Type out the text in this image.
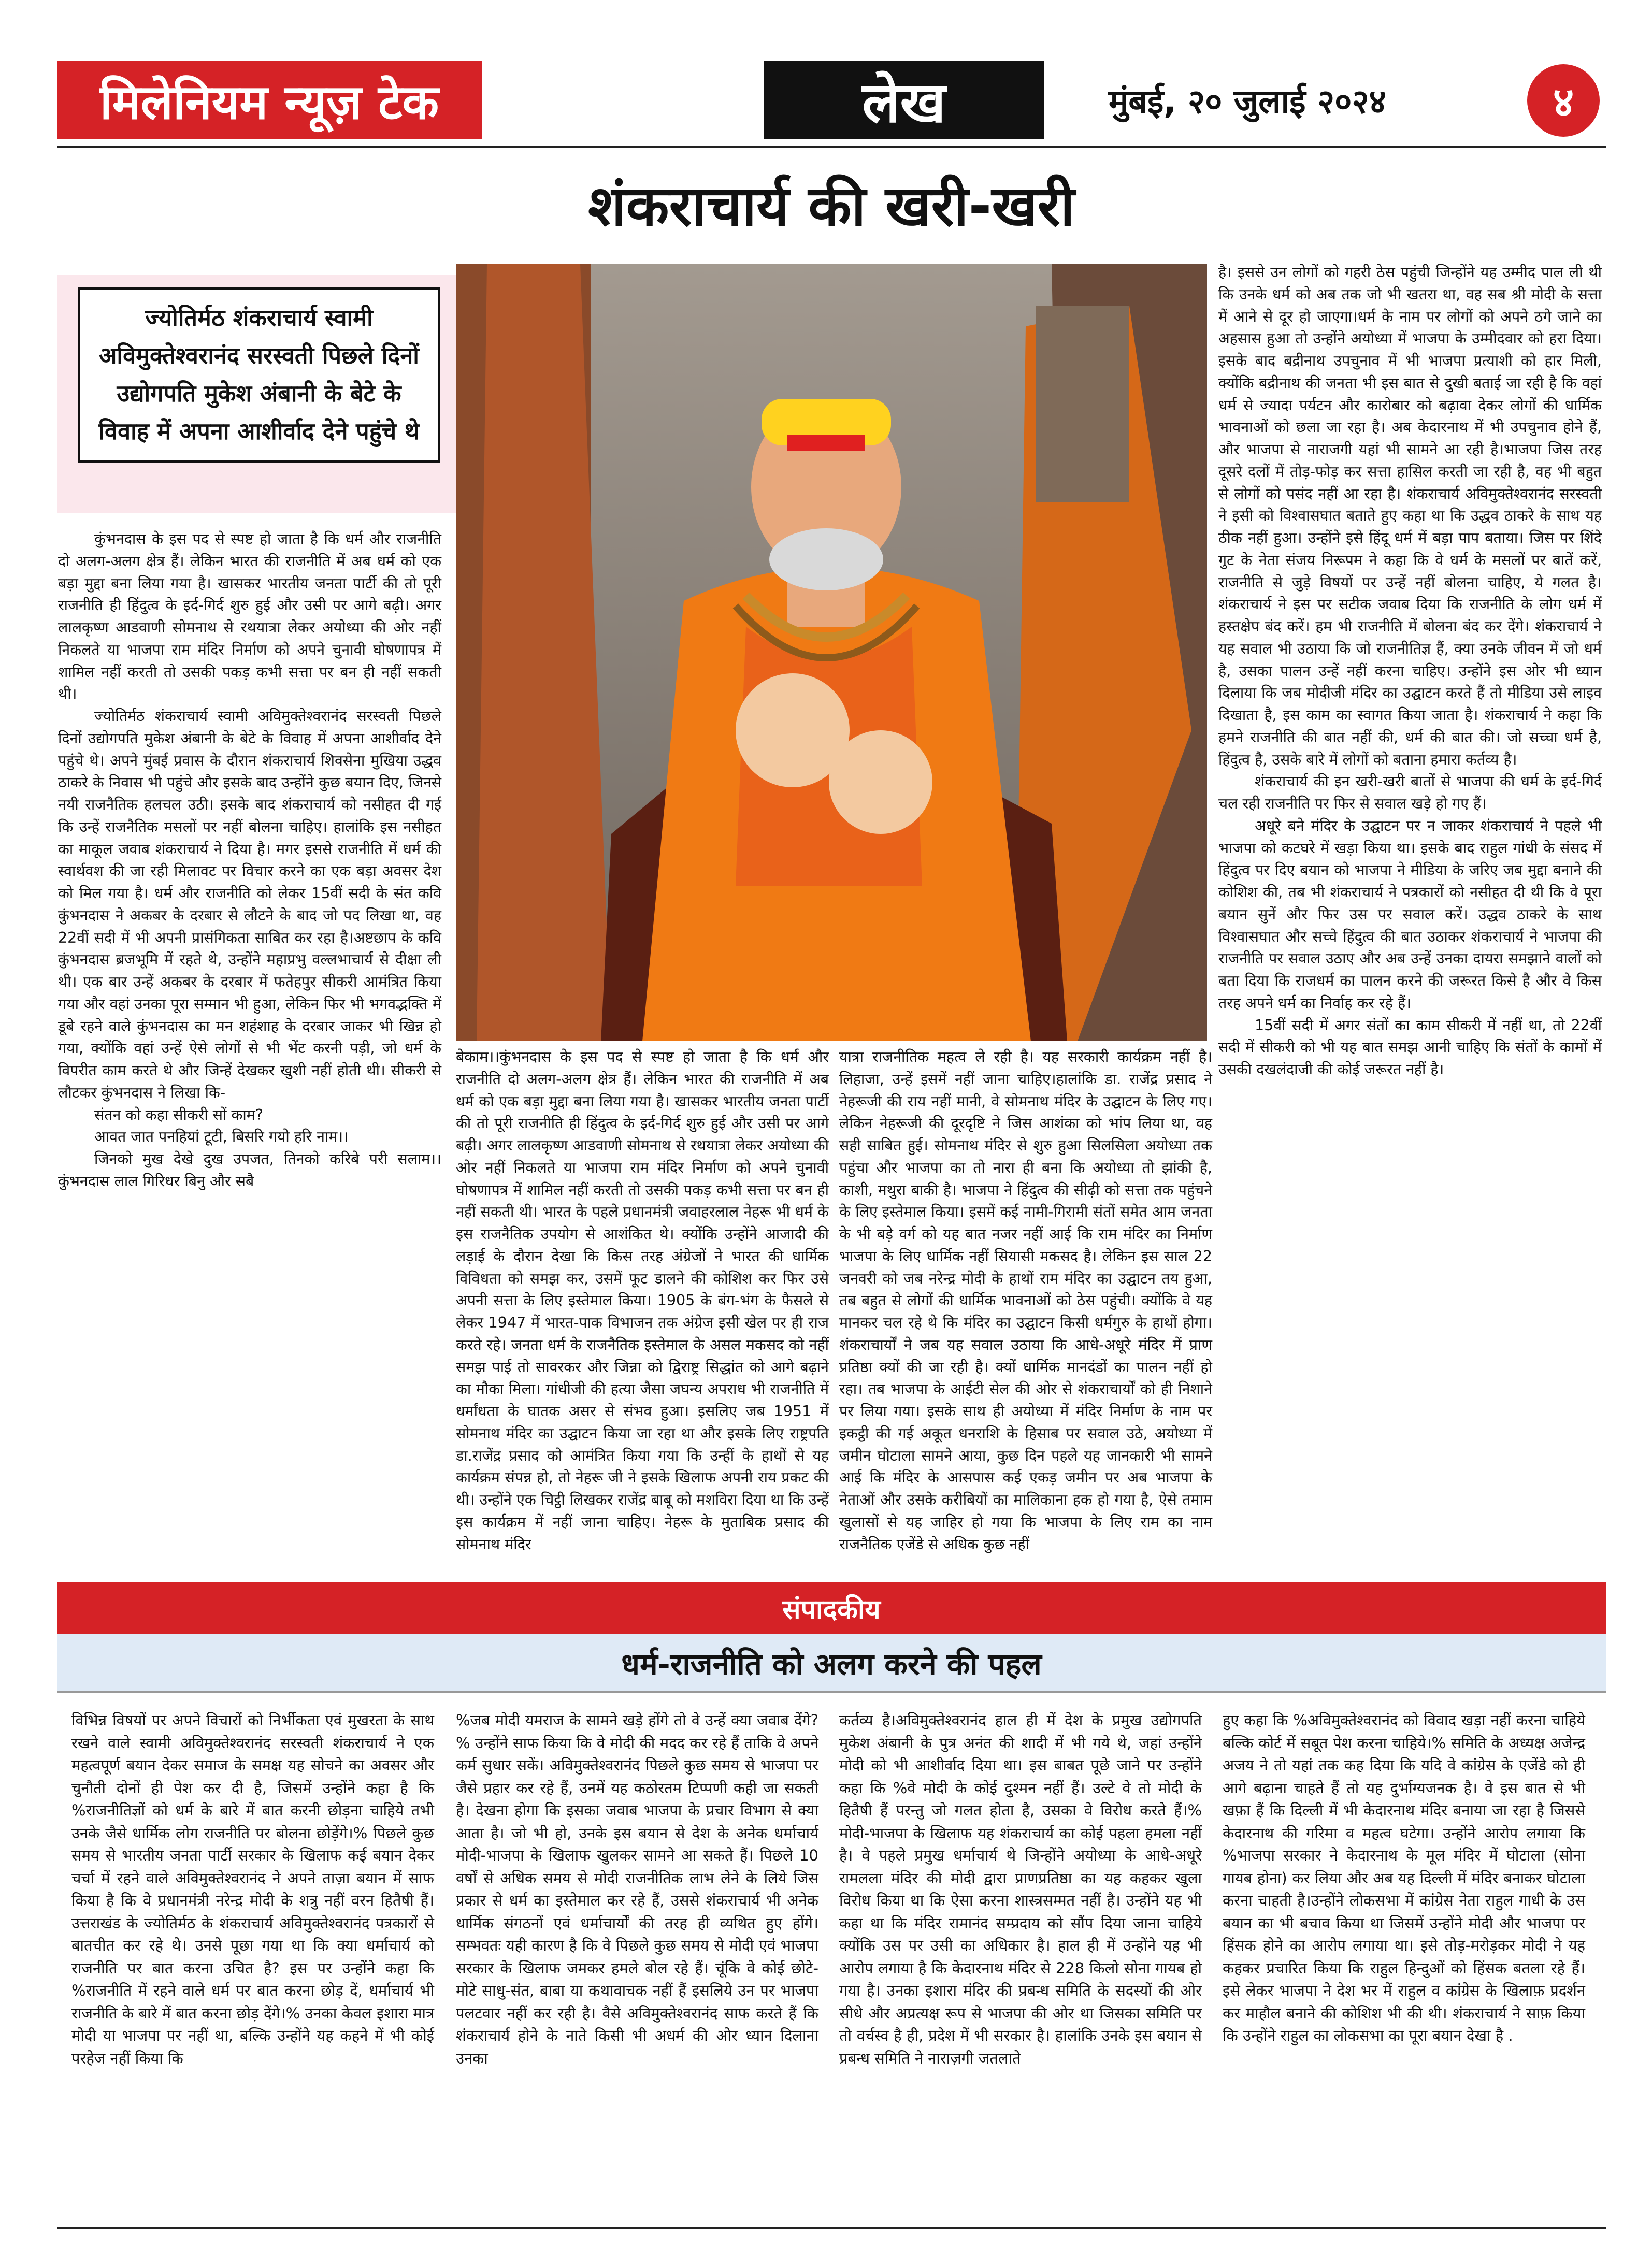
मिलेनियम न्यूज़ टेक	लेख	मुंबई, २० जुलाई २०२४	४
शंकराचार्य की खरी-खरी
ज्योतिर्मठ शंकराचार्य स्वामी अविमुक्तेश्वरानंद सरस्वती पिछले दिनों उद्योगपति मुकेश अंबानी के बेटे के विवाह में अपना आशीर्वाद देने पहुंचे थे

कुंभनदास के इस पद से स्पष्ट हो जाता है कि धर्म और राजनीति दो अलग-अलग क्षेत्र हैं। लेकिन भारत की राजनीति में अब धर्म को एक बड़ा मुद्दा बना लिया गया है। खासकर भारतीय जनता पार्टी की तो पूरी राजनीति ही हिंदुत्व के इर्द-गिर्द शुरु हुई और उसी पर आगे बढ़ी। अगर लालकृष्ण आडवाणी सोमनाथ से रथयात्रा लेकर अयोध्या की ओर नहीं निकलते या भाजपा राम मंदिर निर्माण को अपने चुनावी घोषणापत्र में शामिल नहीं करती तो उसकी पकड़ कभी सत्ता पर बन ही नहीं सकती थी।

ज्योतिर्मठ शंकराचार्य स्वामी अविमुक्तेश्वरानंद सरस्वती पिछले दिनों उद्योगपति मुकेश अंबानी के बेटे के विवाह में अपना आशीर्वाद देने पहुंचे थे। अपने मुंबई प्रवास के दौरान शंकराचार्य शिवसेना मुखिया उद्धव ठाकरे के निवास भी पहुंचे और इसके बाद उन्होंने कुछ बयान दिए, जिनसे नयी राजनैतिक हलचल उठी। इसके बाद शंकराचार्य को नसीहत दी गई कि उन्हें राजनैतिक मसलों पर नहीं बोलना चाहिए। हालांकि इस नसीहत का माकूल जवाब शंकराचार्य ने दिया है। मगर इससे राजनीति में धर्म की स्वार्थवश की जा रही मिलावट पर विचार करने का एक बड़ा अवसर देश को मिल गया है। धर्म और राजनीति को लेकर 15वीं सदी के संत कवि कुंभनदास ने अकबर के दरबार से लौटने के बाद जो पद लिखा था, वह 22वीं सदी में भी अपनी प्रासंगिकता साबित कर रहा है।अष्टछाप के कवि कुंभनदास ब्रजभूमि में रहते थे, उन्होंने महाप्रभु वल्लभाचार्य से दीक्षा ली थी। एक बार उन्हें अकबर के दरबार में फतेहपुर सीकरी आमंत्रित किया गया और वहां उनका पूरा सम्मान भी हुआ, लेकिन फिर भी भगवद्भक्ति में डूबे रहने वाले कुंभनदास का मन शहंशाह के दरबार जाकर भी खिन्न हो गया, क्योंकि वहां उन्हें ऐसे लोगों से भी भेंट करनी पड़ी, जो धर्म के विपरीत काम करते थे और जिन्हें देखकर खुशी नहीं होती थी। सीकरी से लौटकर कुंभनदास ने लिखा कि-

संतन को कहा सीकरी सों काम?

आवत जात पनहियां टूटी, बिसरि गयो हरि नाम।।

जिनको मुख देखे दुख उपजत, तिनको करिबे परी सलाम।।कुंभनदास लाल गिरिधर बिनु और सबै

बेकाम।।कुंभनदास के इस पद से स्पष्ट हो जाता है कि धर्म और राजनीति दो अलग-अलग क्षेत्र हैं। लेकिन भारत की राजनीति में अब धर्म को एक बड़ा मुद्दा बना लिया गया है। खासकर भारतीय जनता पार्टी की तो पूरी राजनीति ही हिंदुत्व के इर्द-गिर्द शुरु हुई और उसी पर आगे बढ़ी। अगर लालकृष्ण आडवाणी सोमनाथ से रथयात्रा लेकर अयोध्या की ओर नहीं निकलते या भाजपा राम मंदिर निर्माण को अपने चुनावी घोषणापत्र में शामिल नहीं करती तो उसकी पकड़ कभी सत्ता पर बन ही नहीं सकती थी। भारत के पहले प्रधानमंत्री जवाहरलाल नेहरू भी धर्म के इस राजनैतिक उपयोग से आशंकित थे। क्योंकि उन्होंने आजादी की लड़ाई के दौरान देखा कि किस तरह अंग्रेजों ने भारत की धार्मिक विविधता को समझ कर, उसमें फूट डालने की कोशिश कर फिर उसे अपनी सत्ता के लिए इस्तेमाल किया। 1905 के बंग-भंग के फैसले से लेकर 1947 में भारत-पाक विभाजन तक अंग्रेज इसी खेल पर ही राज करते रहे। जनता धर्म के राजनैतिक इस्तेमाल के असल मकसद को नहीं समझ पाई तो सावरकर और जिन्ना को द्विराष्ट्र सिद्धांत को आगे बढ़ाने का मौका मिला। गांधीजी की हत्या जैसा जघन्य अपराध भी राजनीति में धर्मांधता के घातक असर से संभव हुआ। इसलिए जब 1951 में सोमनाथ मंदिर का उद्घाटन किया जा रहा था और इसके लिए राष्ट्रपति डा.राजेंद्र प्रसाद को आमंत्रित किया गया कि उन्हीं के हाथों से यह कार्यक्रम संपन्न हो, तो नेहरू जी ने इसके खिलाफ अपनी राय प्रकट की थी। उन्होंने एक चिट्ठी लिखकर राजेंद्र बाबू को मशविरा दिया था कि उन्हें इस कार्यक्रम में नहीं जाना चाहिए। नेहरू के मुताबिक प्रसाद की सोमनाथ मंदिर

यात्रा राजनीतिक महत्व ले रही है। यह सरकारी कार्यक्रम नहीं है। लिहाजा, उन्हें इसमें नहीं जाना चाहिए।हालांकि डा. राजेंद्र प्रसाद ने नेहरूजी की राय नहीं मानी, वे सोमनाथ मंदिर के उद्घाटन के लिए गए। लेकिन नेहरूजी की दूरदृष्टि ने जिस आशंका को भांप लिया था, वह सही साबित हुई। सोमनाथ मंदिर से शुरु हुआ सिलसिला अयोध्या तक पहुंचा और भाजपा का तो नारा ही बना कि अयोध्या तो झांकी है, काशी, मथुरा बाकी है। भाजपा ने हिंदुत्व की सीढ़ी को सत्ता तक पहुंचने के लिए इस्तेमाल किया। इसमें कई नामी-गिरामी संतों समेत आम जनता के भी बड़े वर्ग को यह बात नजर नहीं आई कि राम मंदिर का निर्माण भाजपा के लिए धार्मिक नहीं सियासी मकसद है। लेकिन इस साल 22 जनवरी को जब नरेन्द्र मोदी के हाथों राम मंदिर का उद्घाटन तय हुआ, तब बहुत से लोगों की धार्मिक भावनाओं को ठेस पहुंची। क्योंकि वे यह मानकर चल रहे थे कि मंदिर का उद्घाटन किसी धर्मगुरु के हाथों होगा। शंकराचार्यों ने जब यह सवाल उठाया कि आधे-अधूरे मंदिर में प्राण प्रतिष्ठा क्यों की जा रही है। क्यों धार्मिक मानदंडों का पालन नहीं हो रहा। तब भाजपा के आईटी सेल की ओर से शंकराचार्यों को ही निशाने पर लिया गया। इसके साथ ही अयोध्या में मंदिर निर्माण के नाम पर इकट्ठी की गई अकूत धनराशि के हिसाब पर सवाल उठे, अयोध्या में जमीन घोटाला सामने आया, कुछ दिन पहले यह जानकारी भी सामने आई कि मंदिर के आसपास कई एकड़ जमीन पर अब भाजपा के नेताओं और उसके करीबियों का मालिकाना हक हो गया है, ऐसे तमाम खुलासों से यह जाहिर हो गया कि भाजपा के लिए राम का नाम राजनैतिक एजेंडे से अधिक कुछ नहीं

है। इससे उन लोगों को गहरी ठेस पहुंची जिन्होंने यह उम्मीद पाल ली थी कि उनके धर्म को अब तक जो भी खतरा था, वह सब श्री मोदी के सत्ता में आने से दूर हो जाएगा।धर्म के नाम पर लोगों को अपने ठगे जाने का अहसास हुआ तो उन्होंने अयोध्या में भाजपा के उम्मीदवार को हरा दिया। इसके बाद बद्रीनाथ उपचुनाव में भी भाजपा प्रत्याशी को हार मिली, क्योंकि बद्रीनाथ की जनता भी इस बात से दुखी बताई जा रही है कि वहां धर्म से ज्यादा पर्यटन और कारोबार को बढ़ावा देकर लोगों की धार्मिक भावनाओं को छला जा रहा है। अब केदारनाथ में भी उपचुनाव होने हैं, और भाजपा से नाराजगी यहां भी सामने आ रही है।भाजपा जिस तरह दूसरे दलों में तोड़-फोड़ कर सत्ता हासिल करती जा रही है, वह भी बहुत से लोगों को पसंद नहीं आ रहा है। शंकराचार्य अविमुक्तेश्वरानंद सरस्वती ने इसी को विश्वासघात बताते हुए कहा था कि उद्धव ठाकरे के साथ यह ठीक नहीं हुआ। उन्होंने इसे हिंदू धर्म में बड़ा पाप बताया। जिस पर शिंदे गुट के नेता संजय निरूपम ने कहा कि वे धर्म के मसलों पर बातें करें, राजनीति से जुड़े विषयों पर उन्हें नहीं बोलना चाहिए, ये गलत है। शंकराचार्य ने इस पर सटीक जवाब दिया कि राजनीति के लोग धर्म में हस्तक्षेप बंद करें। हम भी राजनीति में बोलना बंद कर देंगे। शंकराचार्य ने यह सवाल भी उठाया कि जो राजनीतिज्ञ हैं, क्या उनके जीवन में जो धर्म है, उसका पालन उन्हें नहीं करना चाहिए। उन्होंने इस ओर भी ध्यान दिलाया कि जब मोदीजी मंदिर का उद्घाटन करते हैं तो मीडिया उसे लाइव दिखाता है, इस काम का स्वागत किया जाता है। शंकराचार्य ने कहा कि हमने राजनीति की बात नहीं की, धर्म की बात की। जो सच्चा धर्म है, हिंदुत्व है, उसके बारे में लोगों को बताना हमारा कर्तव्य है।

शंकराचार्य की इन खरी-खरी बातों से भाजपा की धर्म के इर्द-गिर्द चल रही राजनीति पर फिर से सवाल खड़े हो गए हैं।

अधूरे बने मंदिर के उद्घाटन पर न जाकर शंकराचार्य ने पहले भी भाजपा को कटघरे में खड़ा किया था। इसके बाद राहुल गांधी के संसद में हिंदुत्व पर दिए बयान को भाजपा ने मीडिया के जरिए जब मुद्दा बनाने की कोशिश की, तब भी शंकराचार्य ने पत्रकारों को नसीहत दी थी कि वे पूरा बयान सुनें और फिर उस पर सवाल करें। उद्धव ठाकरे के साथ विश्वासघात और सच्चे हिंदुत्व की बात उठाकर शंकराचार्य ने भाजपा की राजनीति पर सवाल उठाए और अब उन्हें उनका दायरा समझाने वालों को बता दिया कि राजधर्म का पालन करने की जरूरत किसे है और वे किस तरह अपने धर्म का निर्वाह कर रहे हैं।

15वीं सदी में अगर संतों का काम सीकरी में नहीं था, तो 22वीं सदी में सीकरी को भी यह बात समझ आनी चाहिए कि संतों के कामों में उसकी दखलंदाजी की कोई जरूरत नहीं है।

संपादकीय
धर्म-राजनीति को अलग करने की पहल
विभिन्न विषयों पर अपने विचारों को निर्भीकता एवं मुखरता के साथ रखने वाले स्वामी अविमुक्तेश्वरानंद सरस्वती शंकराचार्य ने एक महत्वपूर्ण बयान देकर समाज के समक्ष यह सोचने का अवसर और चुनौती दोनों ही पेश कर दी है, जिसमें उन्होंने कहा है कि %राजनीतिज्ञों को धर्म के बारे में बात करनी छोड़ना चाहिये तभी उनके जैसे धार्मिक लोग राजनीति पर बोलना छोड़ेंगे।% पिछले कुछ समय से भारतीय जनता पार्टी सरकार के खिलाफ कई बयान देकर चर्चा में रहने वाले अविमुक्तेश्वरानंद ने अपने ताज़ा बयान में साफ किया है कि वे प्रधानमंत्री नरेन्द्र मोदी के शत्रु नहीं वरन हितैषी हैं।उत्तराखंड के ज्योतिर्मठ के शंकराचार्य अविमुक्तेश्वरानंद पत्रकारों से बातचीत कर रहे थे। उनसे पूछा गया था कि क्या धर्माचार्य को राजनीति पर बात करना उचित है? इस पर उन्होंने कहा कि %राजनीति में रहने वाले धर्म पर बात करना छोड़ दें, धर्माचार्य भी राजनीति के बारे में बात करना छोड़ देंगे।% उनका केवल इशारा मात्र मोदी या भाजपा पर नहीं था, बल्कि उन्होंने यह कहने में भी कोई परहेज नहीं किया कि
%जब मोदी यमराज के सामने खड़े होंगे तो वे उन्हें क्या जवाब देंगे?% उन्होंने साफ किया कि वे मोदी की मदद कर रहे हैं ताकि वे अपने कर्म सुधार सकें। अविमुक्तेश्वरानंद पिछले कुछ समय से भाजपा पर जैसे प्रहार कर रहे हैं, उनमें यह कठोरतम टिप्पणी कही जा सकती है। देखना होगा कि इसका जवाब भाजपा के प्रचार विभाग से क्या आता है। जो भी हो, उनके इस बयान से देश के अनेक धर्माचार्य मोदी-भाजपा के खिलाफ खुलकर सामने आ सकते हैं। पिछले 10 वर्षों से अधिक समय से मोदी राजनीतिक लाभ लेने के लिये जिस प्रकार से धर्म का इस्तेमाल कर रहे हैं, उससे शंकराचार्य भी अनेक धार्मिक संगठनों एवं धर्माचार्यों की तरह ही व्यथित हुए होंगे। सम्भवतः यही कारण है कि वे पिछले कुछ समय से मोदी एवं भाजपा सरकार के खिलाफ जमकर हमले बोल रहे हैं। चूंकि वे कोई छोटे-मोटे साधु-संत, बाबा या कथावाचक नहीं हैं इसलिये उन पर भाजपा पलटवार नहीं कर रही है। वैसे अविमुक्तेश्वरानंद साफ करते हैं कि शंकराचार्य होने के नाते किसी भी अधर्म की ओर ध्यान दिलाना उनका
कर्तव्य है।अविमुक्तेश्वरानंद हाल ही में देश के प्रमुख उद्योगपति मुकेश अंबानी के पुत्र अनंत की शादी में भी गये थे, जहां उन्होंने मोदी को भी आशीर्वाद दिया था। इस बाबत पूछे जाने पर उन्होंने कहा कि %वे मोदी के कोई दुश्मन नहीं हैं। उल्टे वे तो मोदी के हितैषी हैं परन्तु जो गलत होता है, उसका वे विरोध करते हैं।% मोदी-भाजपा के खिलाफ यह शंकराचार्य का कोई पहला हमला नहीं है। वे पहले प्रमुख धर्माचार्य थे जिन्होंने अयोध्या के आधे-अधूरे रामलला मंदिर की मोदी द्वारा प्राणप्रतिष्ठा का यह कहकर खुला विरोध किया था कि ऐसा करना शास्त्रसम्मत नहीं है। उन्होंने यह भी कहा था कि मंदिर रामानंद सम्प्रदाय को सौंप दिया जाना चाहिये क्योंकि उस पर उसी का अधिकार है। हाल ही में उन्होंने यह भी आरोप लगाया है कि केदारनाथ मंदिर से 228 किलो सोना गायब हो गया है। उनका इशारा मंदिर की प्रबन्ध समिति के सदस्यों की ओर सीधे और अप्रत्यक्ष रूप से भाजपा की ओर था जिसका समिति पर तो वर्चस्व है ही, प्रदेश में भी सरकार है। हालांकि उनके इस बयान से प्रबन्ध समिति ने नाराज़गी जतलाते
हुए कहा कि %अविमुक्तेश्वरानंद को विवाद खड़ा नहीं करना चाहिये बल्कि कोर्ट में सबूत पेश करना चाहिये।% समिति के अध्यक्ष अजेन्द्र अजय ने तो यहां तक कह दिया कि यदि वे कांग्रेस के एजेंडे को ही आगे बढ़ाना चाहते हैं तो यह दुर्भाग्यजनक है। वे इस बात से भी खफ़ा हैं कि दिल्ली में भी केदारनाथ मंदिर बनाया जा रहा है जिससे केदारनाथ की गरिमा व महत्व घटेगा। उन्होंने आरोप लगाया कि %भाजपा सरकार ने केदारनाथ के मूल मंदिर में घोटाला (सोना गायब होना) कर लिया और अब यह दिल्ली में मंदिर बनाकर घोटाला करना चाहती है।उन्होंने लोकसभा में कांग्रेस नेता राहुल गाधी के उस बयान का भी बचाव किया था जिसमें उन्होंने मोदी और भाजपा पर हिंसक होने का आरोप लगाया था। इसे तोड़-मरोड़कर मोदी ने यह कहकर प्रचारित किया कि राहुल हिन्दुओं को हिंसक बतला रहे हैं। इसे लेकर भाजपा ने देश भर में राहुल व कांग्रेस के खिलाफ़ प्रदर्शन कर माहौल बनाने की कोशिश भी की थी। शंकराचार्य ने साफ़ किया कि उन्होंने राहुल का लोकसभा का पूरा बयान देखा है .
